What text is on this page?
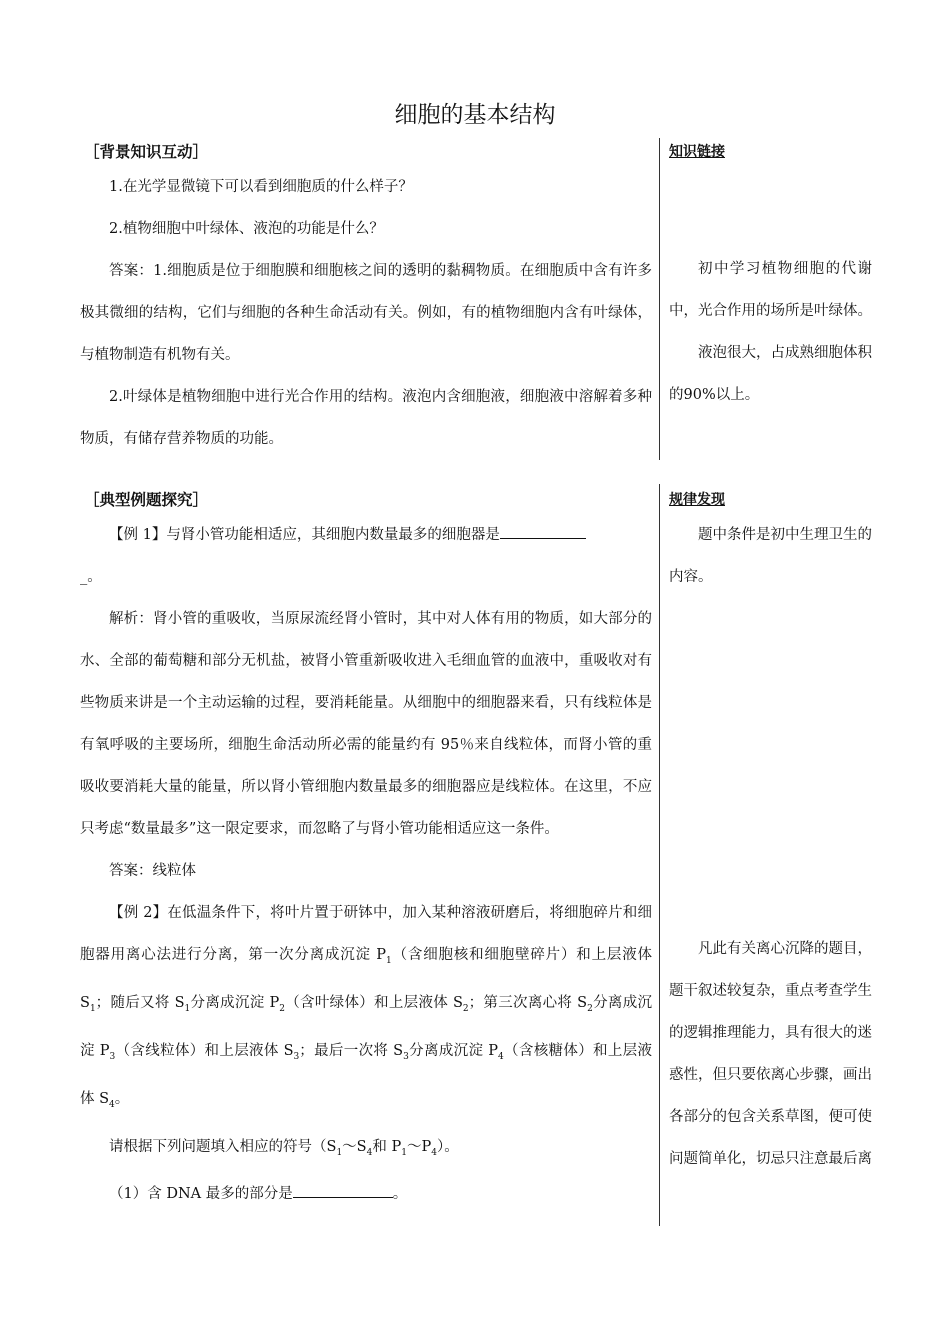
细胞的基本结构
［背景知识互动］

1.在光学显微镜下可以看到细胞质的什么样子？

2.植物细胞中叶绿体、液泡的功能是什么？

答案：1.细胞质是位于细胞膜和细胞核之间的透明的黏稠物质。在细胞质中含有许多极其微细的结构，它们与细胞的各种生命活动有关。例如，有的植物细胞内含有叶绿体，与植物制造有机物有关。

2.叶绿体是植物细胞中进行光合作用的结构。液泡内含细胞液，细胞液中溶解着多种物质，有储存营养物质的功能。

知识链接

初中学习植物细胞的代谢中，光合作用的场所是叶绿体。

液泡很大，占成熟细胞体积的90%以上。

［典型例题探究］

【例 1】与肾小管功能相适应，其细胞内数量最多的细胞器是
_。

解析：肾小管的重吸收，当原尿流经肾小管时，其中对人体有用的物质，如大部分的水、全部的葡萄糖和部分无机盐，被肾小管重新吸收进入毛细血管的血液中，重吸收对有些物质来讲是一个主动运输的过程，要消耗能量。从细胞中的细胞器来看，只有线粒体是有氧呼吸的主要场所，细胞生命活动所必需的能量约有 95％来自线粒体，而肾小管的重吸收要消耗大量的能量，所以肾小管细胞内数量最多的细胞器应是线粒体。在这里，不应只考虑“数量最多”这一限定要求，而忽略了与肾小管功能相适应这一条件。

答案：线粒体

【例 2】在低温条件下，将叶片置于研钵中，加入某种溶液研磨后，将细胞碎片和细胞器用离心法进行分离，第一次分离成沉淀 $P_1$（含细胞核和细胞壁碎片）和上层液体 $S_1$；随后又将 $S_1$分离成沉淀 $P_2$（含叶绿体）和上层液体 $S_2$；第三次离心将 $S_2$分离成沉淀 $P_3$（含线粒体）和上层液体 $S_3$；最后一次将 $S_3$分离成沉淀 $P_4$（含核糖体）和上层液体 $S_4$。

请根据下列问题填入相应的符号（$S_1\sim S_4$和 $P_1\sim P_4$）。

（1）含 DNA 最多的部分是	。

规律发现

题中条件是初中生理卫生的内容。

凡此有关离心沉降的题目，题干叙述较复杂，重点考查学生的逻辑推理能力，具有很大的迷惑性，但只要依离心步骤，画出各部分的包含关系草图，便可使问题简单化，切忌只注意最后离
